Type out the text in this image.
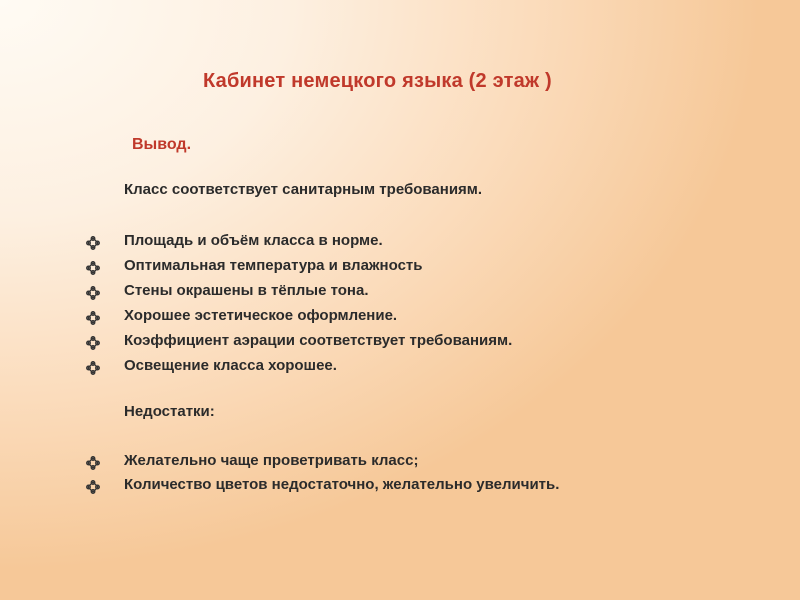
Кабинет немецкого языка (2 этаж )
Вывод.
Класс соответствует санитарным требованиям.
Площадь и объём класса в норме.
Оптимальная температура и влажность
Стены окрашены в тёплые тона.
Хорошее эстетическое оформление.
Коэффициент аэрации соответствует требованиям.
Освещение класса хорошее.
Недостатки:
Желательно чаще проветривать класс;
Количество цветов недостаточно, желательно увеличить.
